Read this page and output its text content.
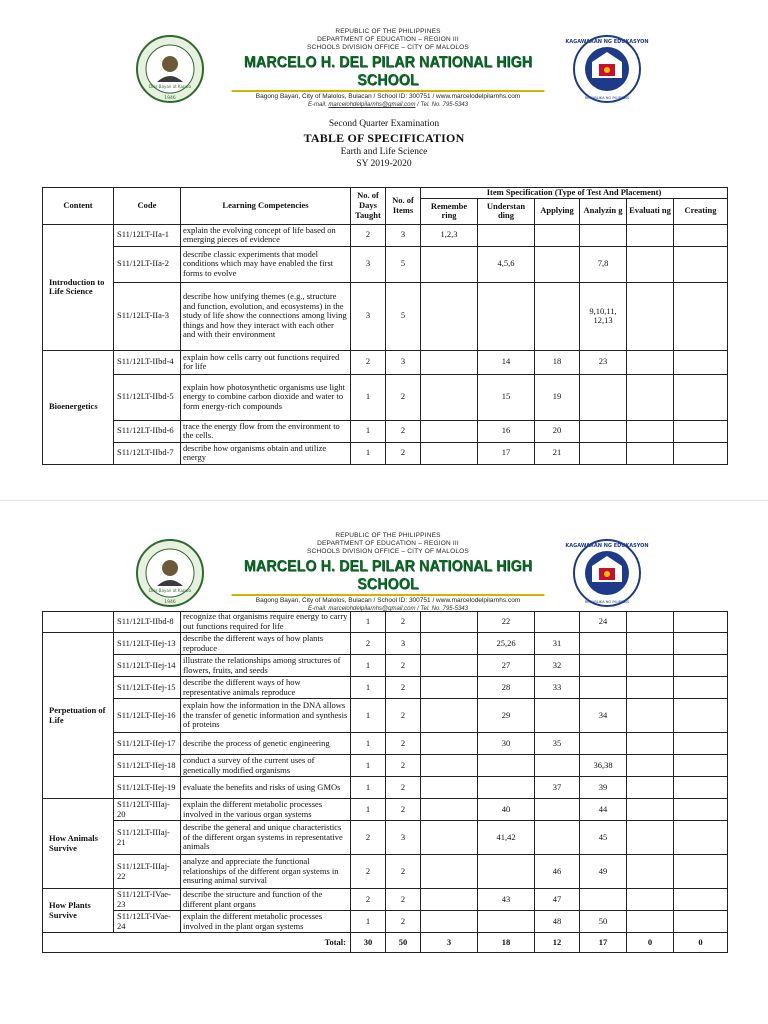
Dios Bayan at Kapwa
1946
REPUBLIC OF THE PHILIPPINES
DEPARTMENT OF EDUCATION – REGION III
SCHOOLS DIVISION OFFICE – CITY OF MALOLOS
MARCELO H. DEL PILAR NATIONAL HIGH SCHOOL
Bagong Bayan, City of Malolos, Bulacan / School ID: 300751 / www.marcelodelpilarnhs.com
E-mail: marcelohdelpilarnhs@gmail.com / Tel. No. 795-5343
KAGAWARAN NG EDUKASYON
REPUBLIKA NG PILIPINAS
Second Quarter Examination
TABLE OF SPECIFICATION
Earth and Life Science
SY 2019-2020
Content	Code	Learning Competencies	No. of Days Taught	No. of Items	Item Specification (Type of Test And Placement)					
					Remembe ring	Understan ding	Applying	Analyzin g	Evaluati ng	Creating
Introduction to Life Science	S11/12LT-IIa-1	explain the evolving concept of life based on emerging pieces of evidence	2	3	1,2,3					
	S11/12LT-IIa-2	describe classic experiments that model conditions which may have enabled the first forms to evolve	3	5		4,5,6		7,8		
	S11/12LT-IIa-3	describe how unifying themes (e.g., structure and function, evolution, and ecosystems) in the study of life show the connections among living things and how they interact with each other and with their environment	3	5				9,10,11, 12,13		
Bioenergetics	S11/12LT-IIbd-4	explain how cells carry out functions required for life	2	3		14	18	23		
	S11/12LT-IIbd-5	explain how photosynthetic organisms use light energy to combine carbon dioxide and water to form energy-rich compounds	1	2		15	19			
	S11/12LT-IIbd-6	trace the energy flow from the environment to the cells.	1	2		16	20			
	S11/12LT-IIbd-7	describe how organisms obtain and utilize energy	1	2		17	21			
Dios Bayan at Kapwa
1946
REPUBLIC OF THE PHILIPPINES
DEPARTMENT OF EDUCATION – REGION III
SCHOOLS DIVISION OFFICE – CITY OF MALOLOS
MARCELO H. DEL PILAR NATIONAL HIGH SCHOOL
Bagong Bayan, City of Malolos, Bulacan / School ID: 300751 / www.marcelodelpilarnhs.com
E-mail: marcelohdelpilarnhs@gmail.com / Tel. No. 795-5343
KAGAWARAN NG EDUKASYON
REPUBLIKA NG PILIPINAS
	S11/12LT-IIbd-8	recognize that organisms require energy to carry out functions required for life	1	2		22		24		
Perpetuation of Life	S11/12LT-IIej-13	describe the different ways of how plants reproduce	2	3		25,26	31			
	S11/12LT-IIej-14	illustrate the relationships among structures of flowers, fruits, and seeds	1	2		27	32			
	S11/12LT-IIej-15	describe the different ways of how representative animals reproduce	1	2		28	33			
	S11/12LT-IIej-16	explain how the information in the DNA allows the transfer of genetic information and synthesis of proteins	1	2		29		34		
	S11/12LT-IIej-17	describe the process of genetic engineering	1	2		30	35			
	S11/12LT-IIej-18	conduct a survey of the current uses of genetically modified organisms	1	2				36,38		
	S11/12LT-IIej-19	evaluate the benefits and risks of using GMOs	1	2			37	39		
How Animals Survive	S11/12LT-IIIaj-20	explain the different metabolic processes involved in the various organ systems	1	2		40		44		
	S11/12LT-IIIaj-21	describe the general and unique characteristics of the different organ systems in representative animals	2	3		41,42		45		
	S11/12LT-IIIaj-22	analyze and appreciate the functional relationships of the different organ systems in ensuring animal survival	2	2			46	49		
How Plants Survive	S11/12LT-IVae-23	describe the structure and function of the different plant organs	2	2		43	47			
	S11/12LT-IVae-24	explain the different metabolic processes involved in the plant organ systems	1	2			48	50		
Total:			30	50	3	18	12	17	0	0
